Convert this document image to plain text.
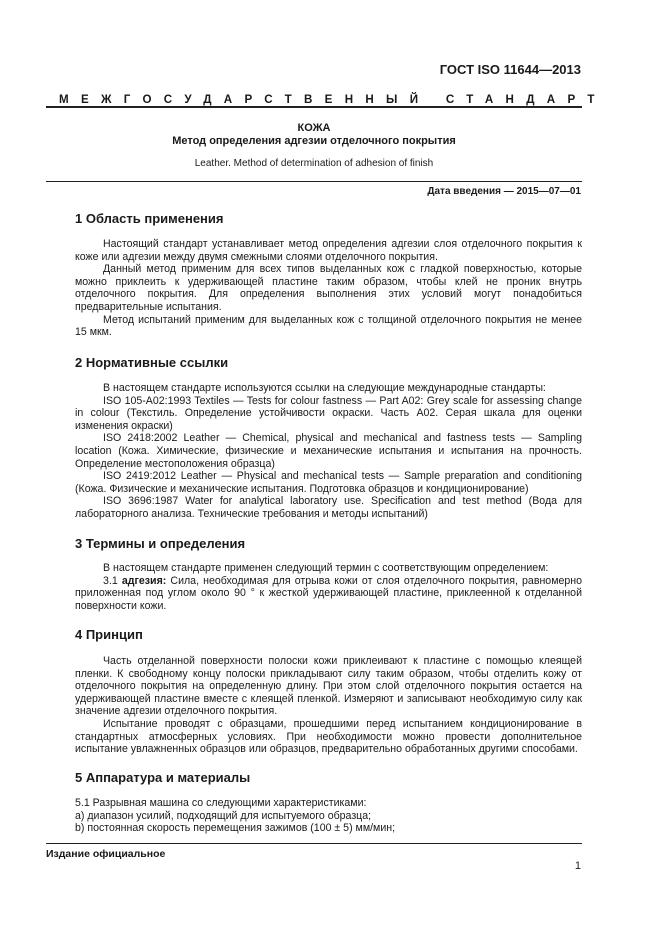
ГОСТ ISO 11644—2013
МЕЖГОСУДАРСТВЕННЫЙ СТАНДАРТ
КОЖА
Метод определения адгезии отделочного покрытия
Leather. Method of determination of adhesion of finish
Дата введения — 2015—07—01
1 Область применения

Настоящий стандарт устанавливает метод определения адгезии слоя отделочного покрытия к коже или адгезии между двумя смежными слоями отделочного покрытия.

Данный метод применим для всех типов выделанных кож с гладкой поверхностью, которые можно приклеить к удерживающей пластине таким образом, чтобы клей не проник внутрь отделочного покрытия. Для определения выполнения этих условий могут понадобиться предварительные испытания.

Метод испытаний применим для выделанных кож с толщиной отделочного покрытия не менее 15 мкм.

2 Нормативные ссылки

В настоящем стандарте используются ссылки на следующие международные стандарты:

ISO 105-A02:1993 Textiles — Tests for colour fastness — Part A02: Grey scale for assessing change in colour (Текстиль. Определение устойчивости окраски. Часть A02. Серая шкала для оценки изменения окраски)

ISO 2418:2002 Leather — Chemical, physical and mechanical and fastness tests — Sampling location (Кожа. Химические, физические и механические испытания и испытания на прочность. Определение местоположения образца)

ISO 2419:2012 Leather — Physical and mechanical tests — Sample preparation and conditioning (Кожа. Физические и механические испытания. Подготовка образцов и кондиционирование)

ISO 3696:1987 Water for analytical laboratory use. Specification and test method (Вода для лабораторного анализа. Технические требования и методы испытаний)

3 Термины и определения

В настоящем стандарте применен следующий термин с соответствующим определением:

3.1 адгезия: Сила, необходимая для отрыва кожи от слоя отделочного покрытия, равномерно приложенная под углом около 90 ° к жесткой удерживающей пластине, приклеенной к отделанной поверхности кожи.

4 Принцип

Часть отделанной поверхности полоски кожи приклеивают к пластине с помощью клеящей пленки. К свободному концу полоски прикладывают силу таким образом, чтобы отделить кожу от отделочного покрытия на определенную длину. При этом слой отделочного покрытия остается на удерживающей пластине вместе с клеящей пленкой. Измеряют и записывают необходимую силу как значение адгезии отделочного покрытия.

Испытание проводят с образцами, прошедшими перед испытанием кондиционирование в стандартных атмосферных условиях. При необходимости можно провести дополнительное испытание увлажненных образцов или образцов, предварительно обработанных другими способами.

5 Аппаратура и материалы

5.1 Разрывная машина со следующими характеристиками:

а) диапазон усилий, подходящий для испытуемого образца;

b) постоянная скорость перемещения зажимов (100 ± 5) мм/мин;

Издание официальное
1
